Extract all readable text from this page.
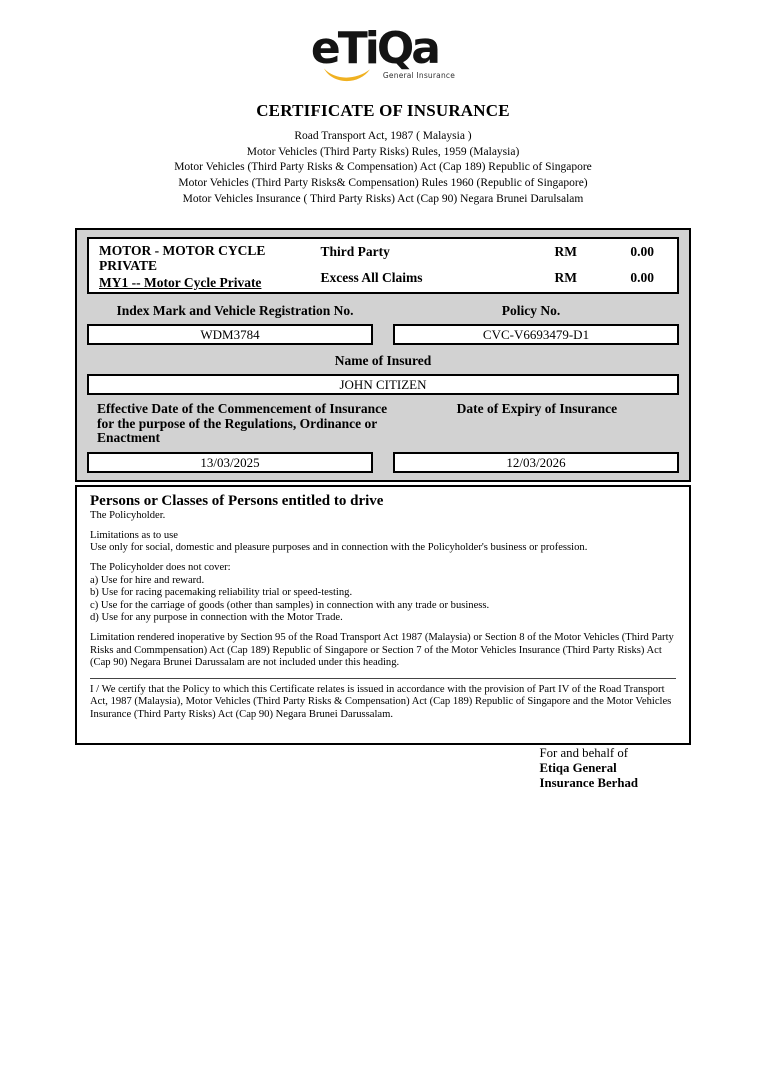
eTiQa
General Insurance
CERTIFICATE OF INSURANCE
Road Transport Act, 1987 ( Malaysia )
Motor Vehicles (Third Party Risks) Rules, 1959 (Malaysia)
Motor Vehicles (Third Party Risks & Compensation) Act (Cap 189) Republic of Singapore
Motor Vehicles (Third Party Risks& Compensation) Rules 1960 (Republic of Singapore)
Motor Vehicles Insurance ( Third Party Risks) Act (Cap 90) Negara Brunei Darulsalam
MOTOR - MOTOR CYCLE PRIVATE
MY1 -- Motor Cycle Private
Third Party	RM	0.00
Excess All Claims	RM	0.00
Index Mark and Vehicle Registration No.	Policy No.
WDM3784	CVC-V6693479-D1
Name of Insured
JOHN CITIZEN
Effective Date of the Commencement of Insurance for the purpose of the Regulations, Ordinance or Enactment
Date of Expiry of Insurance
13/03/2025	12/03/2026
Persons or Classes of Persons entitled to drive
The Policyholder.
Limitations as to use
Use only for social, domestic and pleasure purposes and in connection with the Policyholder's business or profession.
The Policyholder does not cover:
a) Use for hire and reward.
b) Use for racing pacemaking reliability trial or speed-testing.
c) Use for the carriage of goods (other than samples) in connection with any trade or business.
d) Use for any purpose in connection with the Motor Trade.
Limitation rendered inoperative by Section 95 of the Road Transport Act 1987 (Malaysia) or Section 8 of the Motor Vehicles (Third Party Risks and Commpensation) Act (Cap 189) Republic of Singapore or Section 7 of the Motor Vehicles Insurance (Third Party Risks) Act (Cap 90) Negara Brunei Darussalam are not included under this heading.
I / We certify that the Policy to which this Certificate relates is issued in accordance with the provision of Part IV of the Road Transport Act, 1987 (Malaysia), Motor Vehicles (Third Party Risks & Compensation) Act (Cap 189) Republic of Singapore and the Motor Vehicles Insurance (Third Party Risks) Act (Cap 90) Negara Brunei Darussalam.
For and behalf of
Etiqa General
Insurance Berhad
